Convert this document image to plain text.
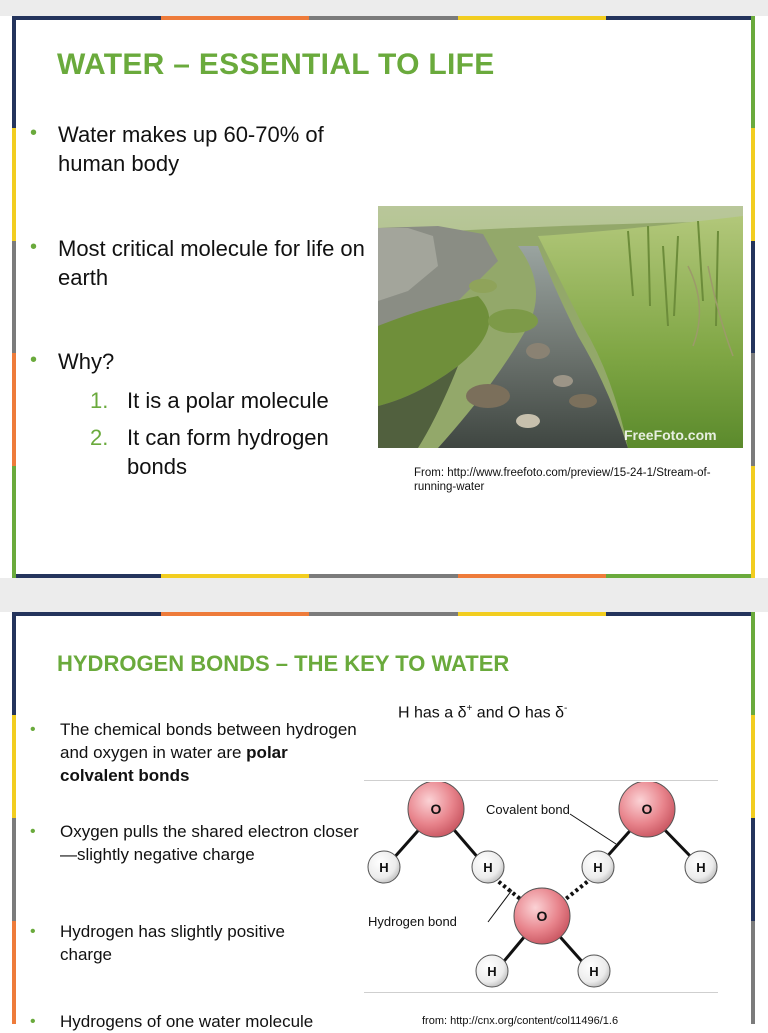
WATER – ESSENTIAL TO LIFE
• Water makes up 60-70% of human body
• Most critical molecule for life on earth
• Why?
1. It is a polar molecule
2. It can form hydrogen bonds
FreeFoto.com
From: http://www.freefoto.com/preview/15-24-1/Stream-of-running-water
HYDROGEN BONDS – THE KEY TO WATER
• The chemical bonds between hydrogen and oxygen in water are polar colvalent bonds
• Oxygen pulls the shared electron closer—slightly negative charge
• Hydrogen has slightly positive charge
• Hydrogens of one water molecule
H has a δ+ and O has δ-
O
H	H
O
H	H
O
H	H
Covalent bond
Hydrogen bond
from: http://cnx.org/content/col11496/1.6
